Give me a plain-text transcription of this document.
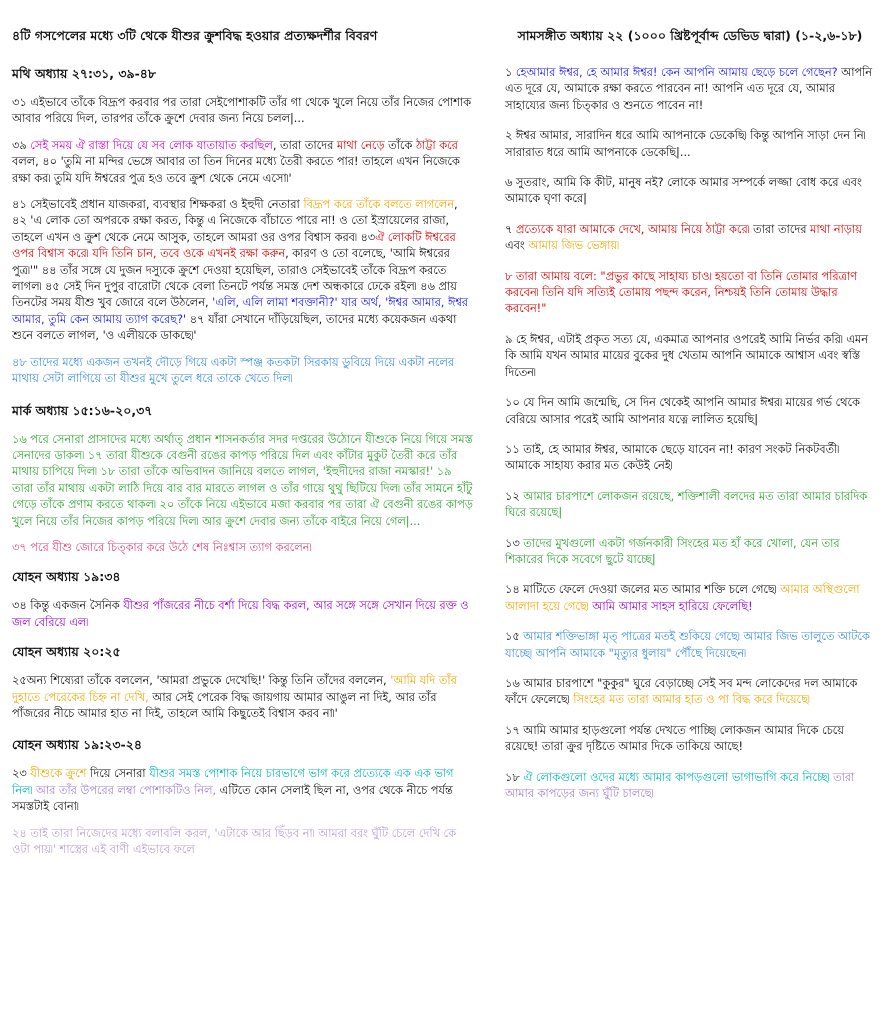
৪টি গসপেলের মধ্যে ৩টি থেকে যীশুর ক্রুশবিদ্ধ হওয়ার প্রত্যক্ষদর্শীর বিবরণ
মথি অধ্যায় ২৭:৩১, ৩৯-৪৮

৩১ এইভাবে তাঁকে বিদ্রূপ করবার পর তারা সেইপোশাকটি তাঁর গা থেকে খুলে নিয়ে তাঁর নিজের পোশাক আবার পরিয়ে দিল, তারপর তাঁকে ক্রুশে দেবার জন্য নিয়ে চলল|...

৩৯ সেই সময় ঐ রাস্তা দিয়ে যে সব লোক যাতায়াত করছিল, তারা তাদের মাথা নেড়ে তাঁকে ঠাট্টা করে বলল, ৪০ 'তুমি না মন্দির ভেঙ্গে আবার তা তিন দিনের মধ্যে তৈরী করতে পার! তাহলে এখন নিজেকে রক্ষা কর৷ তুমি যদি ঈশ্বরের পুত্র হও তবে ক্রুশ থেকে নেমে এসো৷'

৪১ সেইভাবেই প্রধান যাজকরা, ব্যবস্থার শিক্ষকরা ও ইহুদী নেতারা বিদ্রূপ করে তাঁকে বলতে লাগলেন, ৪২ 'এ লোক তো অপরকে রক্ষা করত, কিন্তু এ নিজেকে বাঁচাতে পারে না! ও তো ইস্রায়েলের রাজা, তাহলে এখন ও ক্রুশ থেকে নেমে আসুক, তাহলে আমরা ওর ওপর বিশ্বাস করব৷ ৪৩ঐ লোকটি ঈশ্বরের ওপর বিশ্বাস করে৷ যদি তিনি চান, তবে ওকে এখনই রক্ষা করুন, কারণ ও তো বলেছে, 'আমি ঈশ্বরের পুত্র৷'" ৪৪ তাঁর সঙ্গে যে দুজন দস্যুকে ক্রুশে দেওয়া হয়েছিল, তারাও সেইভাবেই তাঁকে বিদ্রূপ করতে লাগল৷ ৪৫ সেই দিন দুপুর বারোটা থেকে বেলা তিনটে পর্যন্ত সমস্ত দেশ অন্ধকারে ঢেকে রইল৷ ৪৬ প্রায় তিনটের সময় যীশু খুব জোরে বলে উঠলেন, 'এলি, এলি লামা শবক্তানী?' যার অর্থ, 'ঈশ্বর আমার, ঈশ্বর আমার, তুমি কেন আমায় ত্যাগ করেছ?' ৪৭ যাঁরা সেখানে দাঁড়িয়েছিল, তাদের মধ্যে কয়েকজন একথা শুনে বলতে লাগল, 'ও এলীয়কে ডাকছে৷'

৪৮ তাদের মধ্যে একজন তখনই দৌড়ে গিয়ে একটা স্পঞ্জ কতকটা সিরকায় ডুবিয়ে দিয়ে একটা নলের মাথায় সেটা লাগিয়ে তা যীশুর মুখে তুলে ধরে তাকে খেতে দিল৷

মার্ক অধ্যায় ১৫:১৬-২০,৩৭

১৬ পরে সেনারা প্রাসাদের মধ্যে অর্থাত্ প্রধান শাসনকর্তার সদর দপ্তরের উঠোনে যীশুকে নিয়ে গিয়ে সমস্ত সেনাদের ডাকল৷ ১৭ তারা যীশুকে বেগুনী রঙের কাপড় পরিয়ে দিল এবং কাঁটার মুকুট তৈরী করে তাঁর মাথায় চাপিয়ে দিল৷ ১৮ তারা তাঁকে অভিবাদন জানিয়ে বলতে লাগল, 'ইহুদীদের রাজা নমস্কার!' ১৯ তারা তাঁর মাথায় একটা লাঠি দিয়ে বার বার মারতে লাগল ও তাঁর গায়ে থুথু ছিটিয়ে দিল৷ তাঁর সামনে হাঁটু গেড়ে তাঁকে প্রণাম করতে থাকল৷ ২০ তাঁকে নিয়ে এইভাবে মজা করবার পর তারা ঐ বেগুনী রঙের কাপড় খুলে নিয়ে তাঁর নিজের কাপড় পরিয়ে দিল৷ আর ক্রুশে দেবার জন্য তাঁকে বাইরে নিয়ে গেল|...

৩৭ পরে যীশু জোরে চিত্কার করে উঠে শেষ নিঃশ্বাস ত্যাগ করলেন৷

যোহন অধ্যায় ১৯:৩৪

৩৪ কিন্তু একজন সৈনিক যীশুর পাঁজরের নীচে বর্শা দিয়ে বিদ্ধ করল, আর সঙ্গে সঙ্গে সেখান দিয়ে রক্ত ও জল বেরিয়ে এল৷

যোহন অধ্যায় ২০:২৫

২৫অন্য শিষ্যেরা তাঁকে বললেন, 'আমরা প্রভুকে দেখেছি!' কিন্তু তিনি তাঁদের বললেন, 'আমি যদি তাঁর দুহাতে পেরেকের চিহ্ন না দেখি, আর সেই পেরেক বিদ্ধ জায়গায় আমার আঙুল না দিই, আর তাঁর পাঁজরের নীচে আমার হাত না দিই, তাহলে আমি কিছুতেই বিশ্বাস করব না৷'

যোহন অধ্যায় ১৯:২৩-২৪

২৩ যীশুকে ক্রুশে দিয়ে সেনারা যীশুর সমস্ত পোশাক নিয়ে চারভাগে ভাগ করে প্রত্যেকে এক এক ভাগ নিল৷ আর তাঁর উপরের লম্বা পোশাকটিও নিল, এটিতে কোন সেলাই ছিল না, ওপর থেকে নীচে পর্যন্ত সমস্তটাই বোনা৷

২৪ তাই তারা নিজেদের মধ্যে বলাবলি করল, 'এটাকে আর ছিঁড়ব না৷ আমরা বরং ঘুঁটি চেলে দেখি কে ওটা পায়৷' শাস্ত্রের এই বাণী এইভাবে ফলে

সামসঙ্গীত অধ্যায় ২২ (১০০০ খ্রিষ্টপূর্বাব্দ ডেভিড দ্বারা) (১-২,৬-১৮)

১ হেআমার ঈশ্বর, হে আমার ঈশ্বর! কেন আপনি আমায় ছেড়ে চলে গেছেন? আপনি এত দূরে যে, আমাকে রক্ষা করতে পারবেন না! আপনি এত দূরে যে, আমার সাহায্যের জন্য চিত্কার ও শুনতে পাবেন না!

২ ঈশ্বর আমার, সারাদিন ধরে আমি আপনাকে ডেকেছি৷ কিন্তু আপনি সাড়া দেন নি৷ সারারাত ধরে আমি আপনাকে ডেকেছি|...

৬ সুতরাং, আমি কি কীট, মানুষ নই? লোকে আমার সম্পর্কে লজ্জা বোধ করে এবং আমাকে ঘৃণা করে|

৭ প্রত্যেকে যারা আমাকে দেখে, আমায় নিয়ে ঠাট্টা করে৷ তারা তাদের মাথা নাড়ায় এবং আমায় জিভ ভেঙ্গায়৷

৮ তারা আমায় বলে: "প্রভুর কাছে সাহায্য চাও৷ হয়তো বা তিনি তোমার পরিত্রাণ করবেন৷ তিনি যদি সত্যিই তোমায় পছন্দ করেন, নিশ্চয়ই তিনি তোমায় উদ্ধার করবেন!"

৯ হে ঈশ্বর, এটাই প্রকৃত সত্য যে, একমাত্র আপনার ওপরেই আমি নির্ভর করি৷ এমন কি আমি যখন আমার মায়ের বুকের দুধ খেতাম আপনি আমাকে আশ্বাস এবং স্বস্তি দিতেন৷

১০ যে দিন আমি জন্মেছি, সে দিন থেকেই আপনি আমার ঈশ্বর৷ মায়ের গর্ভ থেকে বেরিয়ে আসার পরেই আমি আপনার যত্নে লালিত হয়েছি|

১১ তাই, হে আমার ঈশ্বর, আমাকে ছেড়ে যাবেন না! কারণ সংকট নিকটবর্তী৷ আমাকে সাহায্য করার মত কেউই নেই৷

১২ আমার চারপাশে লোকজন রয়েছে, শক্তিশালী বলদের মত তারা আমার চারদিক ঘিরে রয়েছে|

১৩ তাদের মুখগুলো একটা গর্জনকারী সিংহের মত হাঁ করে খোলা, যেন তার শিকারের দিকে সবেগে ছুটে যাচ্ছে|

১৪ মাটিতে ফেলে দেওয়া জলের মত আমার শক্তি চলে গেছে৷ আমার অস্থিগুলো আলাদা হয়ে গেছে৷ আমি আমার সাহস হারিয়ে ফেলেছি!

১৫ আমার শক্তিভাঙ্গা মৃত্ পাত্রের মতই শুকিয়ে গেছে৷ আমার জিভ তালুতে আটকে যাচ্ছে৷ আপনি আমাকে "মৃত্যুর ধুলায়" পৌঁছে দিয়েছেন৷

১৬ আমার চারপাশে "কুকুর" ঘুরে বেড়াচ্ছে৷ সেই সব মন্দ লোকেদের দল আমাকে ফাঁদে ফেলেছে৷ সিংহের মত তারা আমার হাত ও পা বিদ্ধ করে দিয়েছে৷

১৭ আমি আমার হাড়গুলো পর্যন্ত দেখতে পাচ্ছি৷ লোকজন আমার দিকে চেয়ে রয়েছে! তারা ক্রুর দৃষ্টিতে আমার দিকে তাকিয়ে আছে!

১৮ ঐ লোকগুলো ওদের মধ্যে আমার কাপড়গুলো ভাগাভাগি করে নিচ্ছে৷ তারা আমার কাপড়ের জন্য ঘুঁটি চালছে৷
